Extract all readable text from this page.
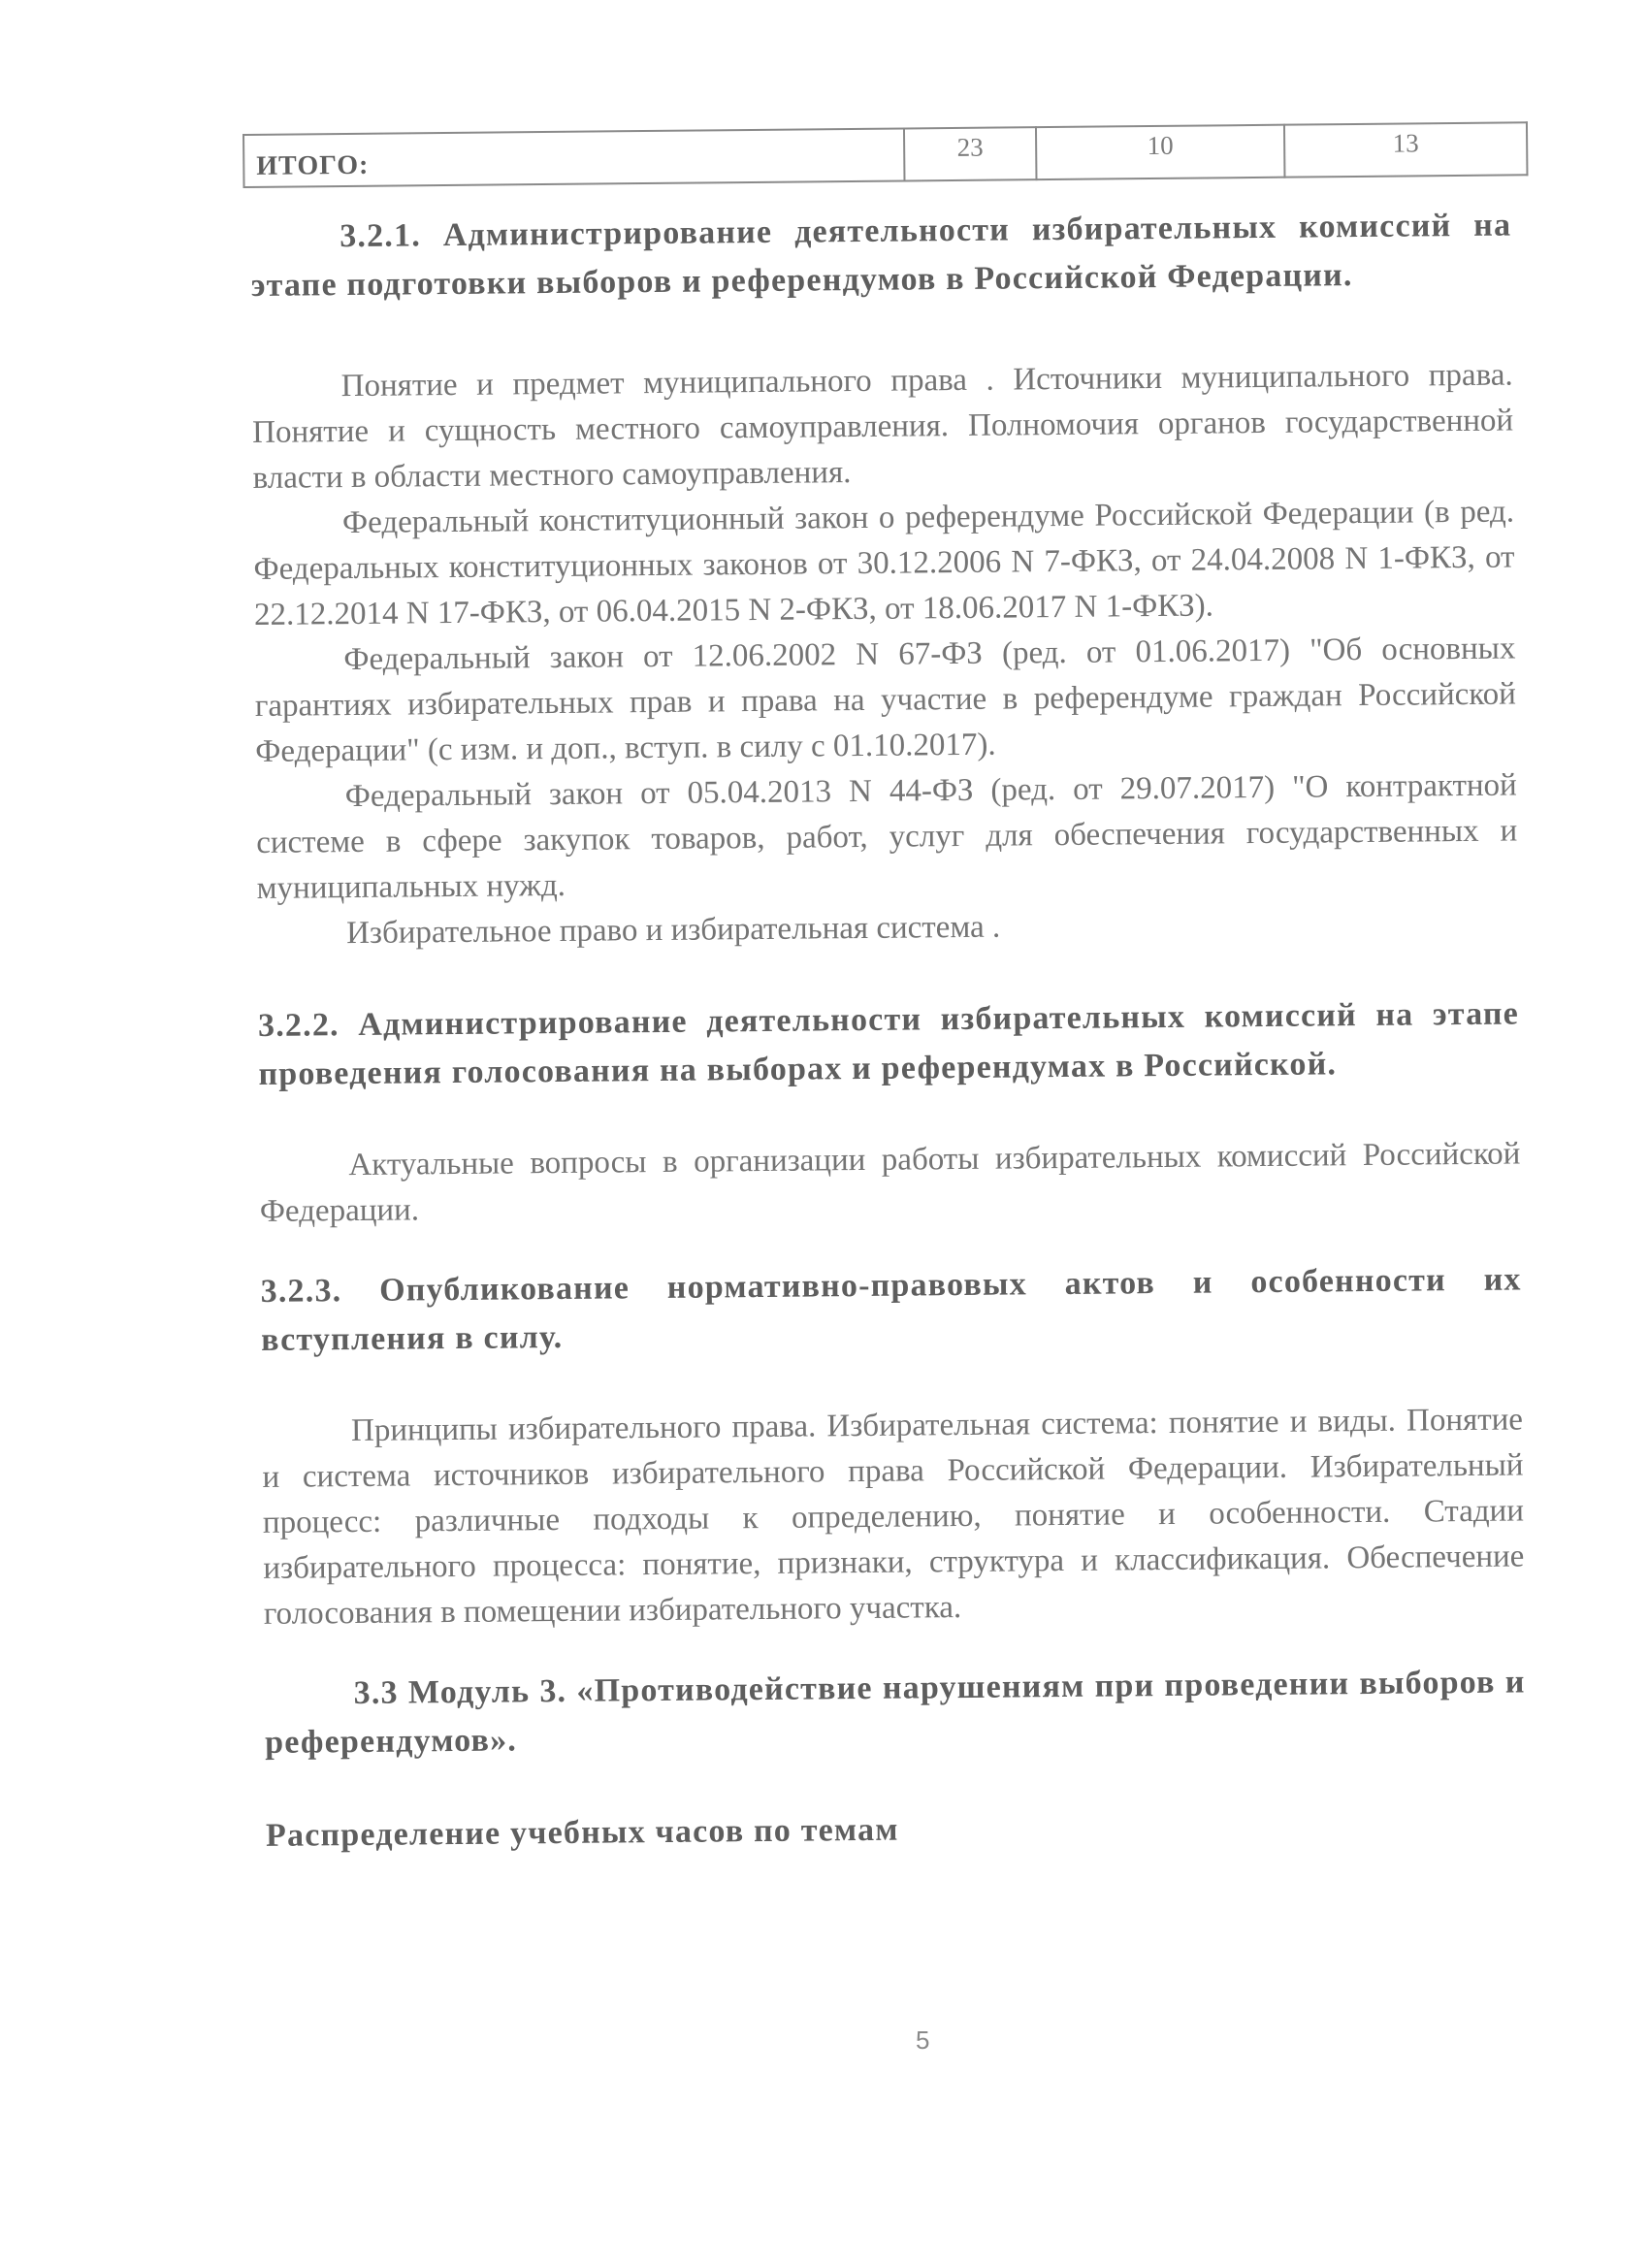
ИТОГО:	23	10	13

3.2.1. Администрирование деятельности избирательных комиссий на этапе подготовки выборов и референдумов в Российской Федерации.

Понятие и предмет муниципального права . Источники муниципального права. Понятие и сущность местного самоуправления. Полномочия органов государственной власти в области местного самоуправления.

Федеральный конституционный закон о референдуме Российской Федерации (в ред. Федеральных конституционных законов от 30.12.2006 N 7-ФКЗ, от 24.04.2008 N 1-ФКЗ, от 22.12.2014 N 17-ФКЗ, от 06.04.2015 N 2-ФКЗ, от 18.06.2017 N 1-ФКЗ).

Федеральный закон от 12.06.2002 N 67-ФЗ (ред. от 01.06.2017) "Об основных гарантиях избирательных прав и права на участие в референдуме граждан Российской Федерации" (с изм. и доп., вступ. в силу с 01.10.2017).

Федеральный закон от 05.04.2013 N 44-ФЗ (ред. от 29.07.2017) "О контрактной системе в сфере закупок товаров, работ, услуг для обеспечения государственных и муниципальных нужд.

Избирательное право и избирательная система .

3.2.2. Администрирование деятельности избирательных комиссий на этапе проведения голосования на выборах и референдумах в Российской.

Актуальные вопросы в организации работы избирательных комиссий Российской Федерации.

3.2.3. Опубликование нормативно-правовых актов и особенности их вступления в силу.

Принципы избирательного права. Избирательная система: понятие и виды. Понятие и система источников избирательного права Российской Федерации. Избирательный процесс: различные подходы к определению, понятие и особенности. Стадии избирательного процесса: понятие, признаки, структура и классификация. Обеспечение голосования в помещении избирательного участка.

3.3 Модуль 3. «Противодействие нарушениям при проведении выборов и референдумов».

Распределение учебных часов по темам

5
